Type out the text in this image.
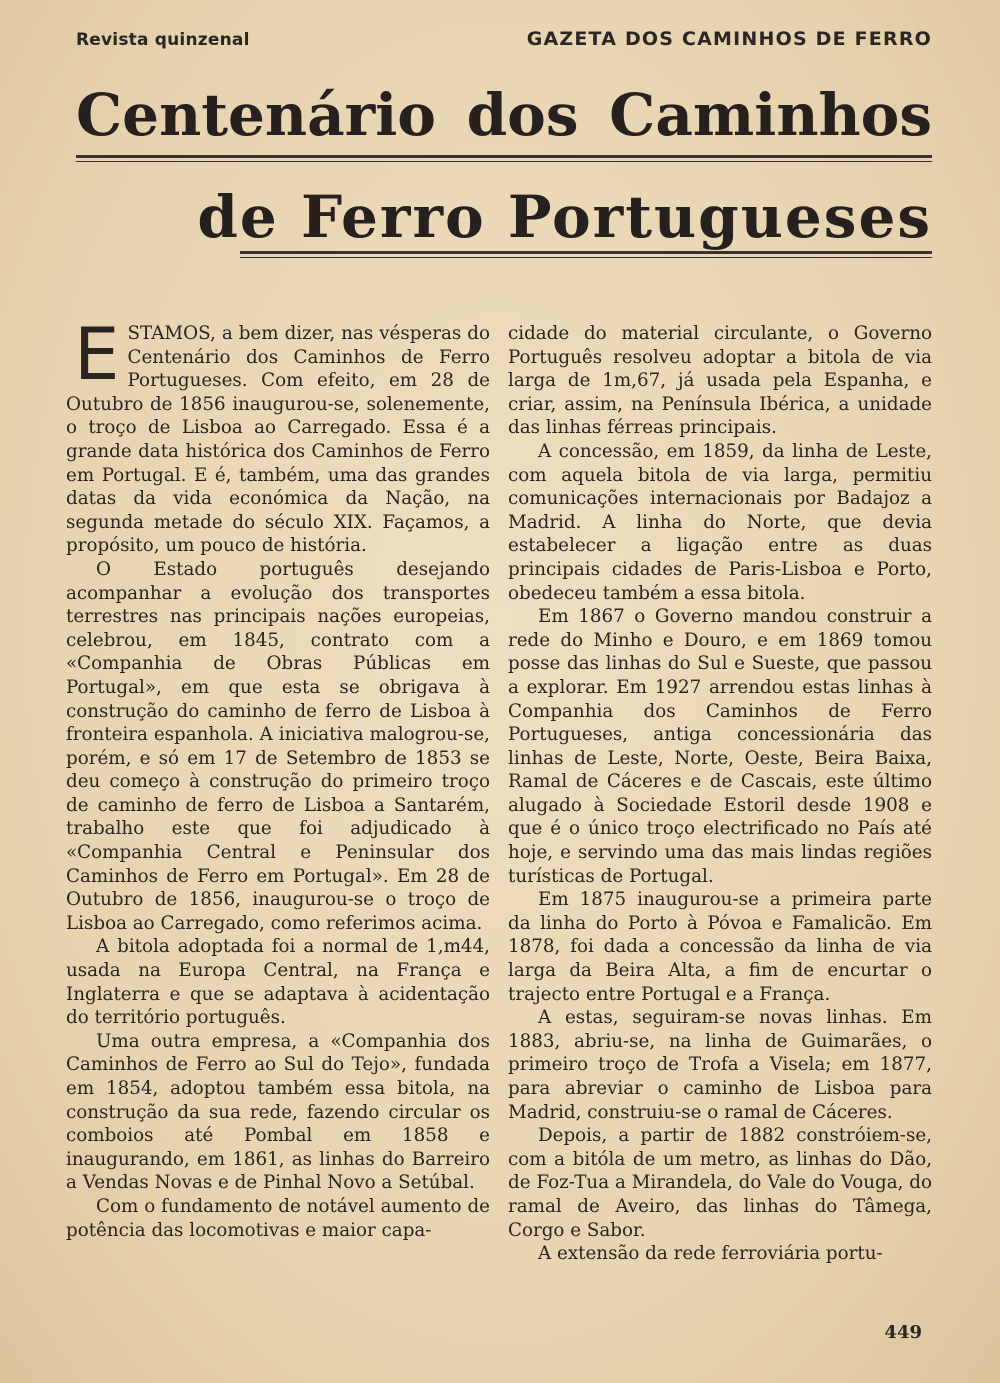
Revista quinzenal	GAZETA DOS CAMINHOS DE FERRO
Centenário dos Caminhos
de Ferro Portugueses

ESTAMOS, a bem dizer, nas vésperas do Centenário dos Caminhos de Ferro Portugueses. Com efeito, em 28 de Outubro de 1856 inaugurou-se, solenemente, o troço de Lisboa ao Carregado. Essa é a grande data histórica dos Caminhos de Ferro em Portugal. E é, também, uma das grandes datas da vida económica da Nação, na segunda metade do século XIX. Façamos, a propósito, um pouco de história.

O Estado português desejando acompanhar a evolução dos transportes terrestres nas principais nações europeias, celebrou, em 1845, contrato com a «Companhia de Obras Públicas em Portugal», em que esta se obrigava à construção do caminho de ferro de Lisboa à fronteira espanhola. A iniciativa malogrou-se, porém, e só em 17 de Setembro de 1853 se deu começo à construção do primeiro troço de caminho de ferro de Lisboa a Santarém, trabalho este que foi adjudicado à «Companhia Central e Peninsular dos Caminhos de Ferro em Portugal». Em 28 de Outubro de 1856, inaugurou-se o troço de Lisboa ao Carregado, como referimos acima.

A bitola adoptada foi a normal de 1,m44, usada na Europa Central, na França e Inglaterra e que se adaptava à acidentação do território português.

Uma outra empresa, a «Companhia dos Caminhos de Ferro ao Sul do Tejo», fundada em 1854, adoptou também essa bitola, na construção da sua rede, fazendo circular os comboios até Pombal em 1858 e inaugurando, em 1861, as linhas do Barreiro a Vendas Novas e de Pinhal Novo a Setúbal.

Com o fundamento de notável aumento de potência das locomotivas e maior capa-

cidade do material circulante, o Governo Português resolveu adoptar a bitola de via larga de 1m,67, já usada pela Espanha, e criar, assim, na Península Ibérica, a unidade das linhas férreas principais.

A concessão, em 1859, da linha de Leste, com aquela bitola de via larga, permitiu comunicações internacionais por Badajoz a Madrid. A linha do Norte, que devia estabelecer a ligação entre as duas principais cidades de Paris-Lisboa e Porto, obedeceu também a essa bitola.

Em 1867 o Governo mandou construir a rede do Minho e Douro, e em 1869 tomou posse das linhas do Sul e Sueste, que passou a explorar. Em 1927 arrendou estas linhas à Companhia dos Caminhos de Ferro Portugueses, antiga concessionária das linhas de Leste, Norte, Oeste, Beira Baixa, Ramal de Cáceres e de Cascais, este último alugado à Sociedade Estoril desde 1908 e que é o único troço electrificado no País até hoje, e servindo uma das mais lindas regiões turísticas de Portugal.

Em 1875 inaugurou-se a primeira parte da linha do Porto à Póvoa e Famalicão. Em 1878, foi dada a concessão da linha de via larga da Beira Alta, a fim de encurtar o trajecto entre Portugal e a França.

A estas, seguiram-se novas linhas. Em 1883, abriu-se, na linha de Guimarães, o primeiro troço de Trofa a Visela; em 1877, para abreviar o caminho de Lisboa para Madrid, construiu-se o ramal de Cáceres.

Depois, a partir de 1882 constróiem-se, com a bitóla de um metro, as linhas do Dão, de Foz-Tua a Mirandela, do Vale do Vouga, do ramal de Aveiro, das linhas do Tâmega, Corgo e Sabor.

A extensão da rede ferroviária portu-

449
